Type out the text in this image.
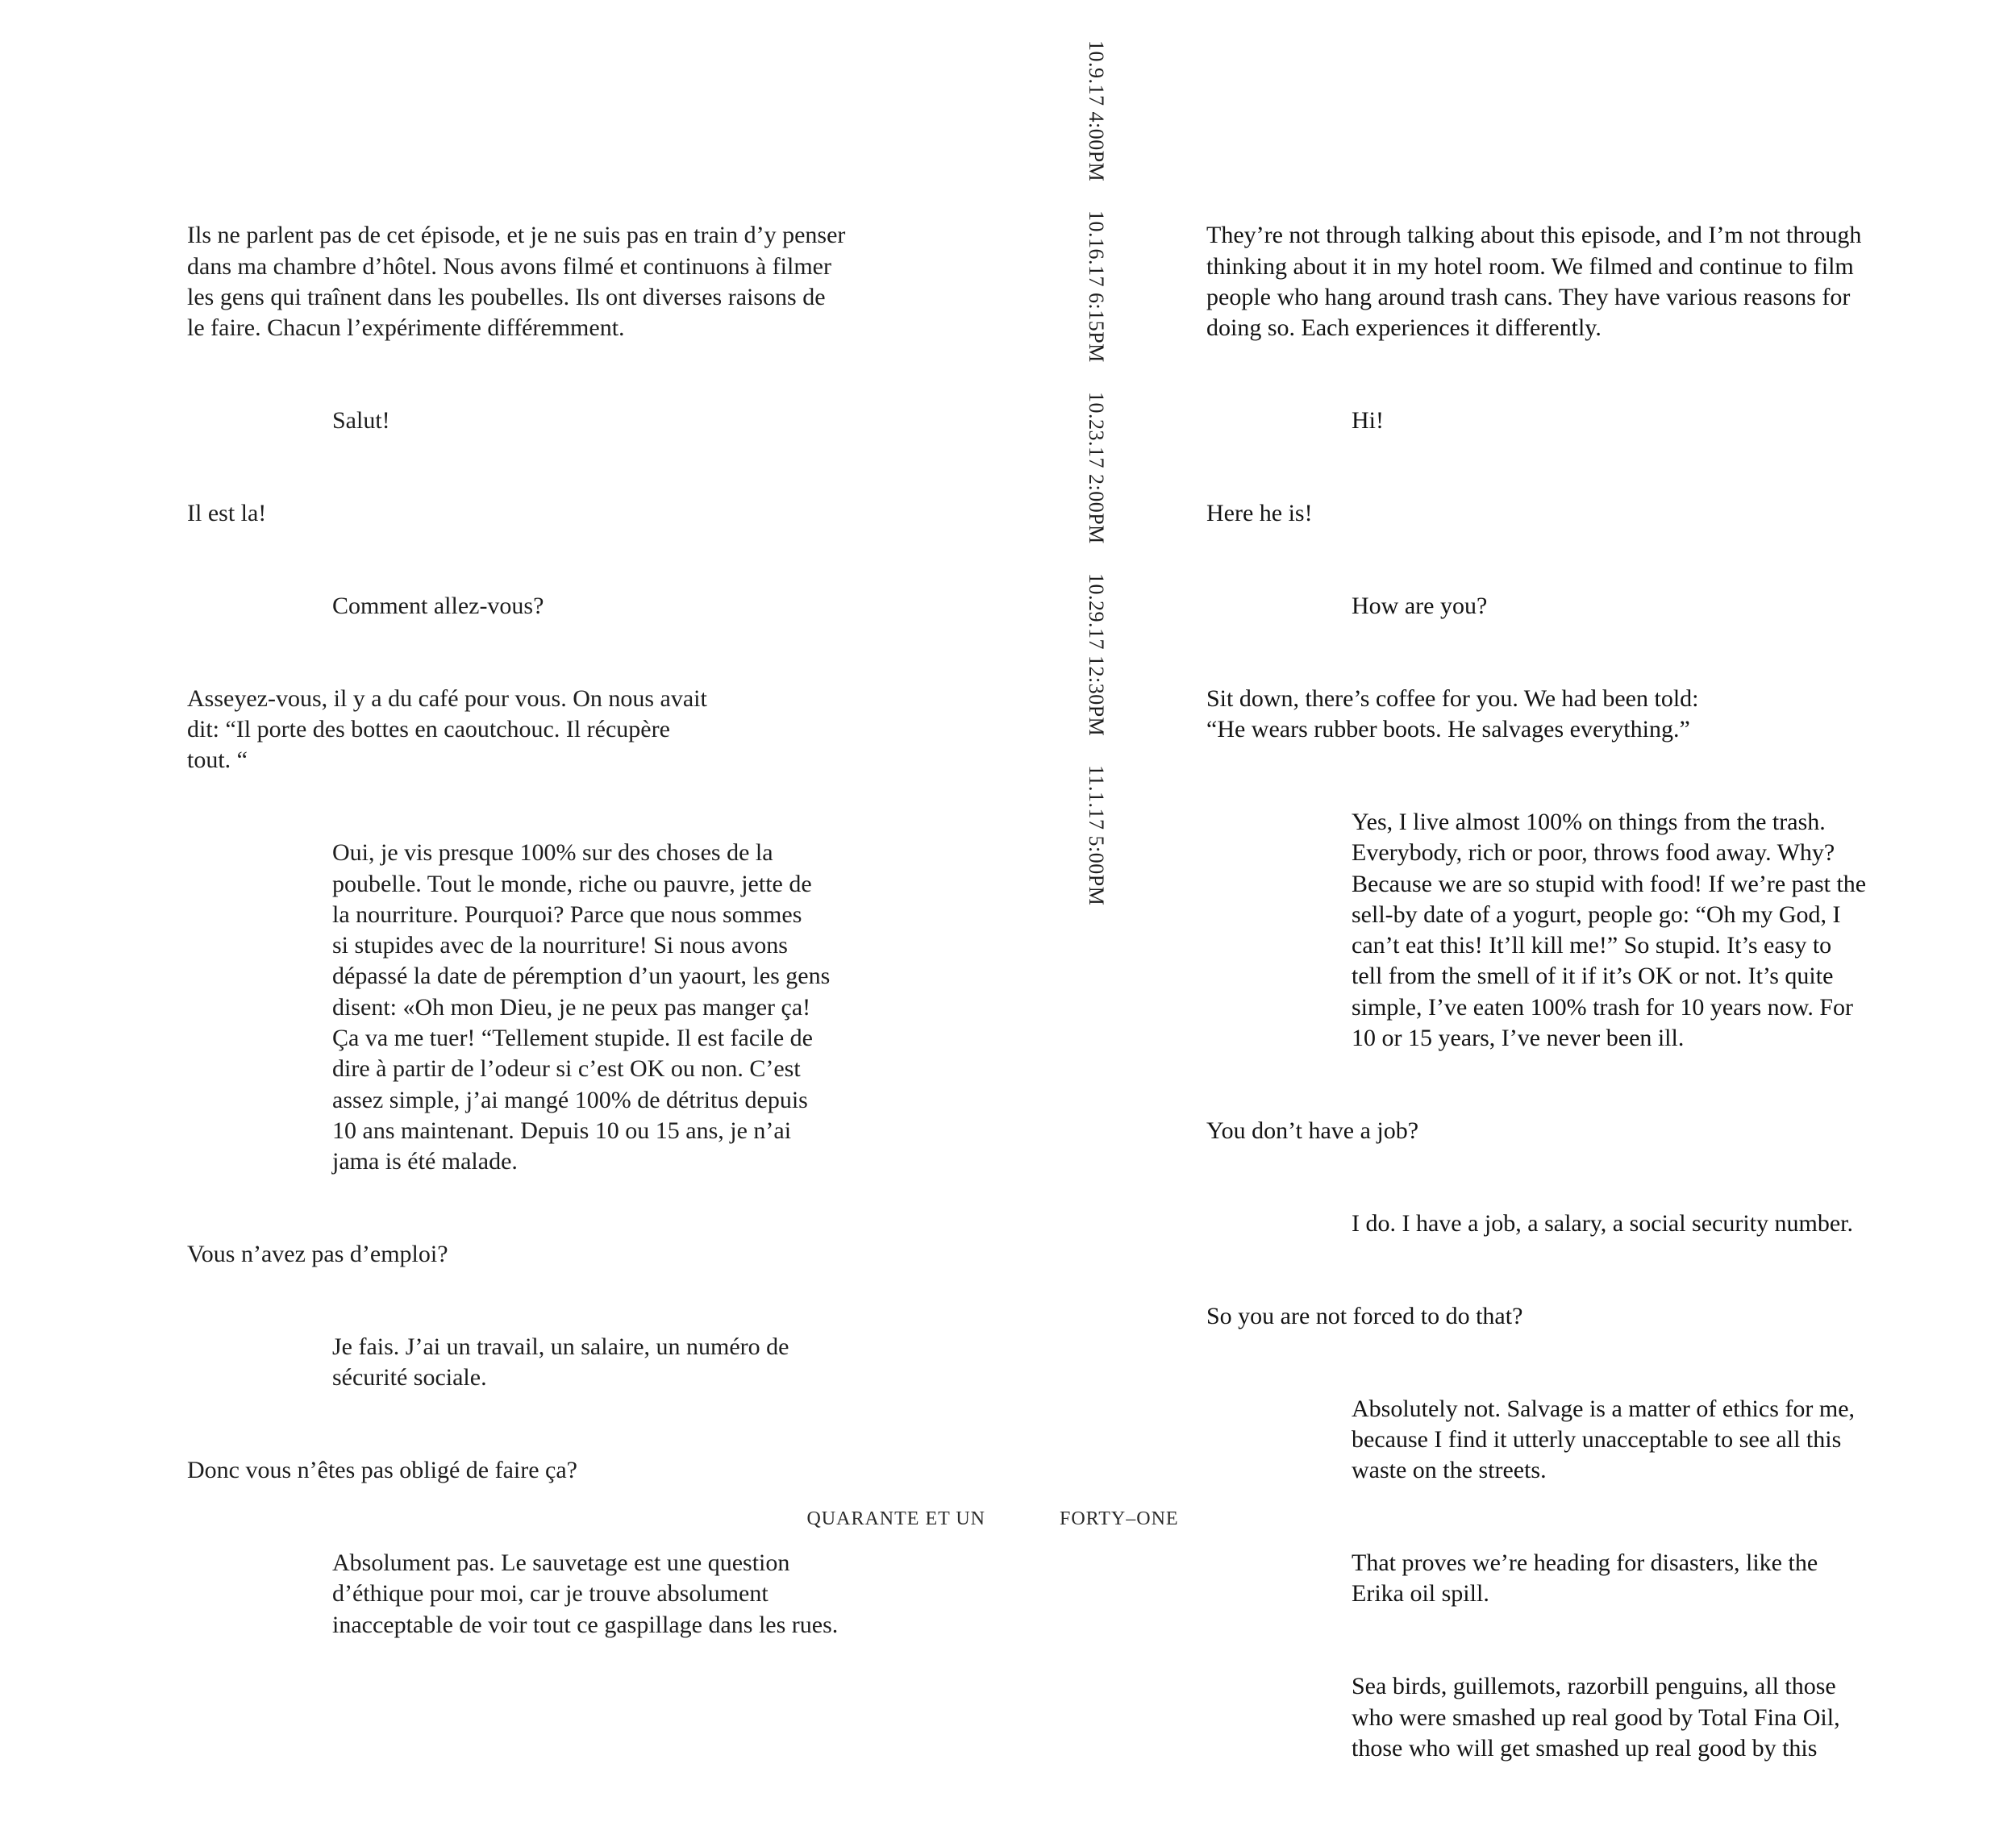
Ils ne parlent pas de cet épisode, et je ne suis pas en train d’y penser
dans ma chambre d’hôtel. Nous avons filmé et continuons à filmer
les gens qui traînent dans les poubelles. Ils ont diverses raisons de
le faire. Chacun l’expérimente différemment.

Salut!

Il est la!

Comment allez-vous?

Asseyez-vous, il y a du café pour vous. On nous avait
dit: “Il porte des bottes en caoutchouc. Il récupère
tout. “

Oui, je vis presque 100% sur des choses de la
poubelle. Tout le monde, riche ou pauvre, jette de
la nourriture. Pourquoi? Parce que nous sommes
si stupides avec de la nourriture! Si nous avons
dépassé la date de péremption d’un yaourt, les gens
disent: «Oh mon Dieu, je ne peux pas manger ça!
Ça va me tuer! “Tellement stupide. Il est facile de
dire à partir de l’odeur si c’est OK ou non. C’est
assez simple, j’ai mangé 100% de détritus depuis
10 ans maintenant. Depuis 10 ou 15 ans, je n’ai
jama is été malade.

Vous n’avez pas d’emploi?

Je fais. J’ai un travail, un salaire, un numéro de
sécurité sociale.

Donc vous n’êtes pas obligé de faire ça?

Absolument pas. Le sauvetage est une question
d’éthique pour moi, car je trouve absolument
inacceptable de voir tout ce gaspillage dans les rues.

10.9.17 4:00PM
10.16.17 6:15PM
10.23.17 2:00PM
10.29.17 12:30PM
11.1.17 5:00PM

They’re not through talking about this episode, and I’m not through
thinking about it in my hotel room. We filmed and continue to film
people who hang around trash cans. They have various reasons for
doing so. Each experiences it differently.

Hi!

Here he is!

How are you?

Sit down, there’s coffee for you. We had been told:
“He wears rubber boots. He salvages everything.”

Yes, I live almost 100% on things from the trash.
Everybody, rich or poor, throws food away. Why?
Because we are so stupid with food! If we’re past the
sell-by date of a yogurt, people go: “Oh my God, I
can’t eat this! It’ll kill me!” So stupid. It’s easy to
tell from the smell of it if it’s OK or not. It’s quite
simple, I’ve eaten 100% trash for 10 years now. For
10 or 15 years, I’ve never been ill.

You don’t have a job?

I do. I have a job, a salary, a social security number.

So you are not forced to do that?

Absolutely not. Salvage is a matter of ethics for me,
because I find it utterly unacceptable to see all this
waste on the streets.

That proves we’re heading for disasters, like the
Erika oil spill.

Sea birds, guillemots, razorbill penguins, all those
who were smashed up real good by Total Fina Oil,
those who will get smashed up real good by this

QUARANTE ET UN	FORTY–ONE
